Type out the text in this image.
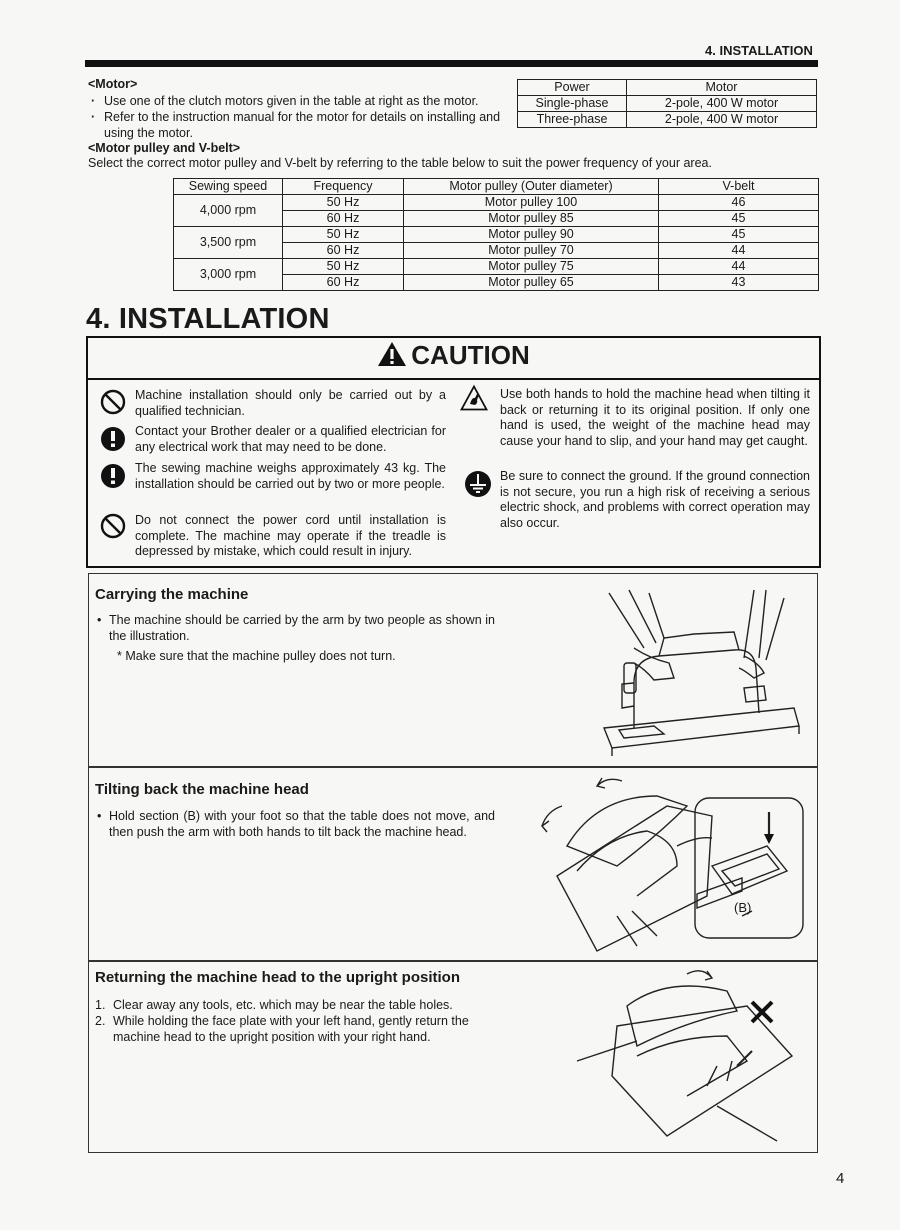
4. INSTALLATION
<Motor>
· Use one of the clutch motors given in the table at right as the motor.
· Refer to the instruction manual for the motor for details on installing and using the motor.
Power	Motor
Single-phase	2-pole, 400 W motor
Three-phase	2-pole, 400 W motor
<Motor pulley and V-belt>
Select the correct motor pulley and V-belt by referring to the table below to suit the power frequency of your area.
Sewing speed	Frequency	Motor pulley (Outer diameter)	V-belt
4,000 rpm	50 Hz	Motor pulley 100	46
	60 Hz	Motor pulley 85	45
3,500 rpm	50 Hz	Motor pulley 90	45
	60 Hz	Motor pulley 70	44
3,000 rpm	50 Hz	Motor pulley 75	44
	60 Hz	Motor pulley 65	43
4. INSTALLATION
CAUTION
Machine installation should only be carried out by a qualified technician.
Contact your Brother dealer or a qualified electrician for any electrical work that may need to be done.
The sewing machine weighs approximately 43 kg. The installation should be carried out by two or more people.
Do not connect the power cord until installation is complete. The machine may operate if the treadle is depressed by mistake, which could result in injury.
Use both hands to hold the machine head when tilting it back or returning it to its original position. If only one hand is used, the weight of the machine head may cause your hand to slip, and your hand may get caught.
Be sure to connect the ground. If the ground connection is not secure, you run a high risk of receiving a serious electric shock, and problems with correct operation may also occur.
Carrying the machine
• The machine should be carried by the arm by two people as shown in the illustration.
* Make sure that the machine pulley does not turn.
Tilting back the machine head
• Hold section (B) with your foot so that the table does not move, and then push the arm with both hands to tilt back the machine head.
(B)
Returning the machine head to the upright position
1. Clear away any tools, etc. which may be near the table holes.
2. While holding the face plate with your left hand, gently return the machine head to the upright position with your right hand.
4
